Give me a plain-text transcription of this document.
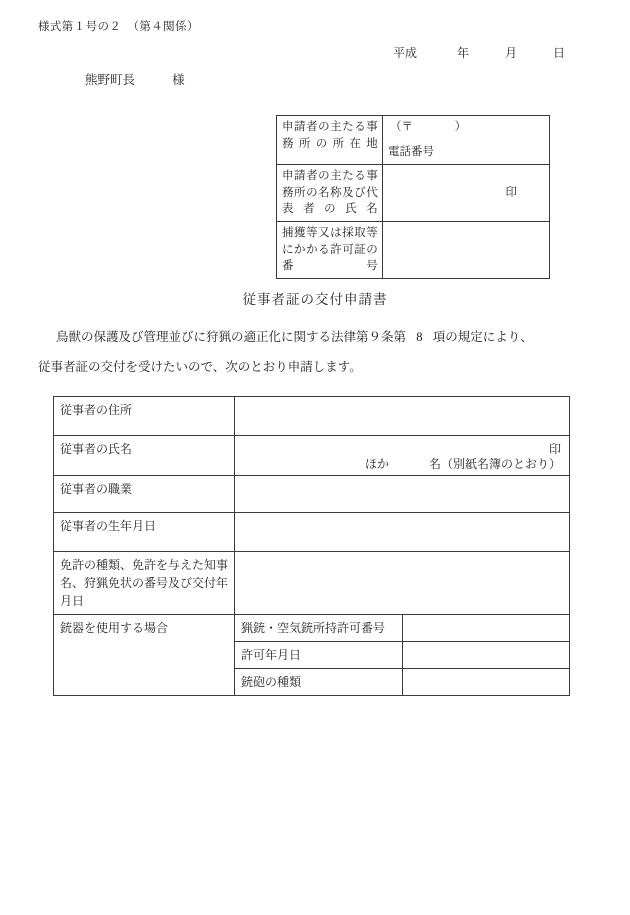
様式第１号の２　（第４関係）
平成	年	月	日
熊野町長	様
申請者の主たる事務所の所在地	（〒 ）
電話番号

申請者の主たる事務所の名称及び代表者の氏名	印

捕獲等又は採取等にかかる許可証の番号	
従事者証の交付申請書
鳥獣の保護及び管理並びに狩猟の適正化に関する法律第９条第 8 項の規定により、
従事者証の交付を受けたいので、次のとおり申請します。
従事者の住所		
従事者の氏名	印
ほか 名（別紙名簿のとおり）	

従事者の職業		
従事者の生年月日		
免許の種類、免許を与えた知事名、狩猟免状の番号及び交付年月日		
銃器を使用する場合	猟銃・空気銃所持許可番号	
	許可年月日	
	銃砲の種類	
